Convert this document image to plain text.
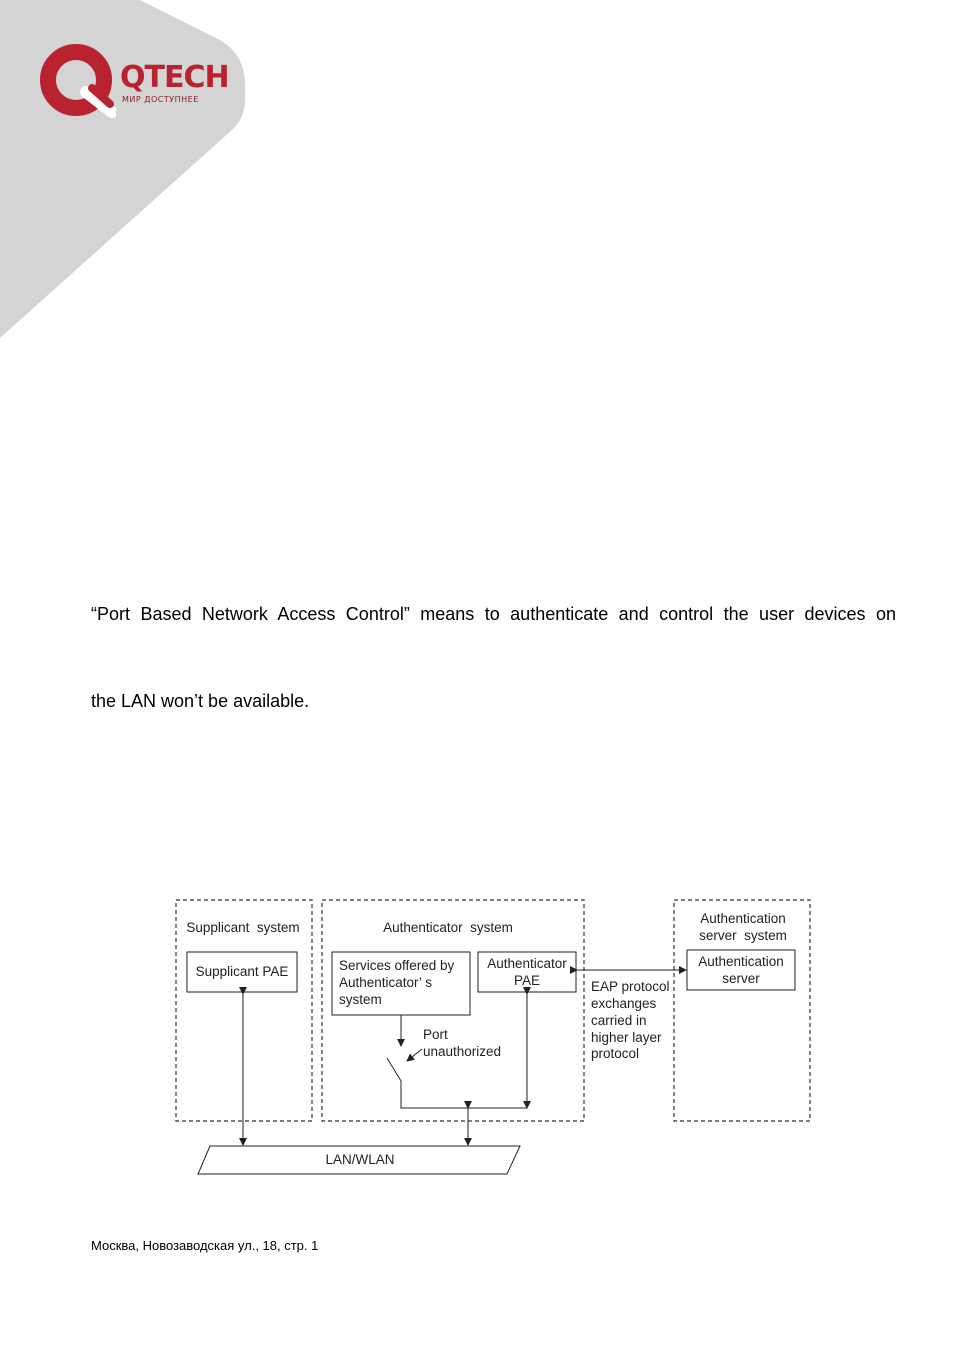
QTECH
МИР ДОСТУПНЕЕ
“Port Based Network Access Control” means to authenticate and control the user devices on
the LAN won’t be available.
Supplicant  system	Authenticator  system
Authentication
server  system
Supplicant PAE	Services offered by
Authenticator’ s
system
Authenticator
PAE
Authentication
server
Port
unauthorized
EAP protocol
exchanges
carried in
higher layer
protocol
LAN/WLAN
Москва, Новозаводская ул., 18, стр. 1
